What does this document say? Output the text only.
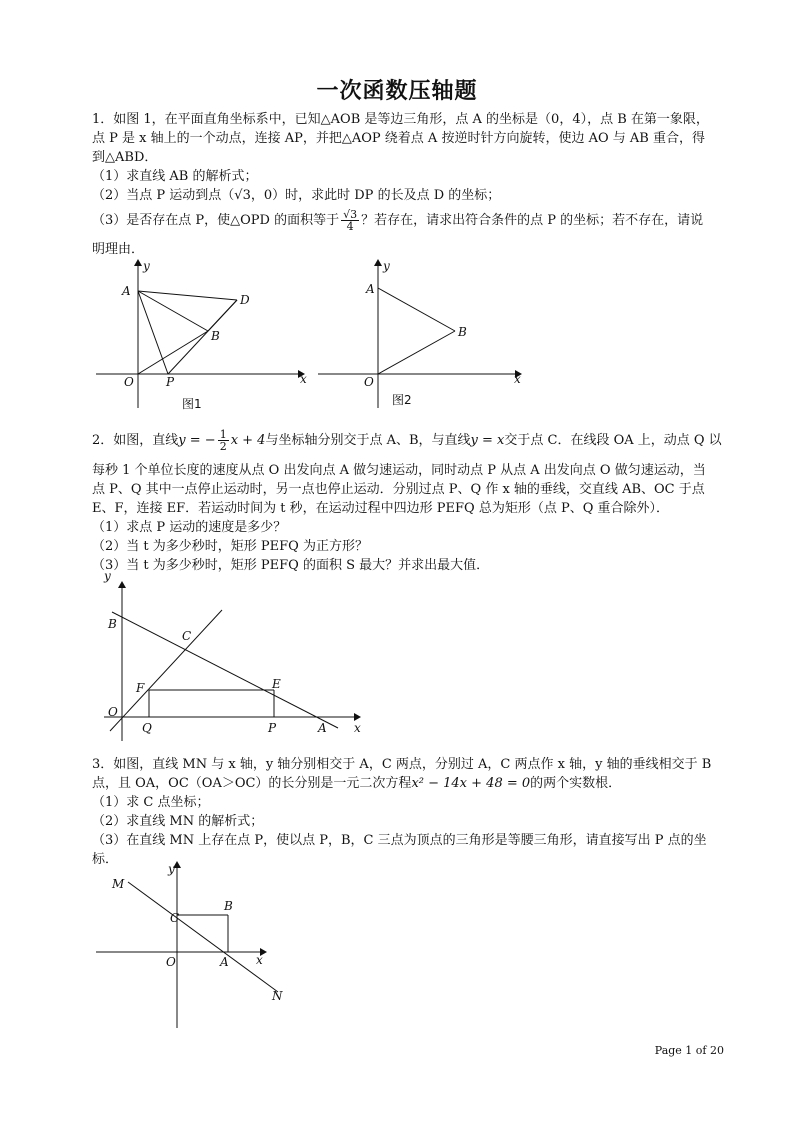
一次函数压轴题
1．如图 1，在平面直角坐标系中，已知△AOB 是等边三角形，点 A 的坐标是（0，4），点 B 在第一象限，
点 P 是 x 轴上的一个动点，连接 AP，并把△AOP 绕着点 A 按逆时针方向旋转，使边 AO 与 AB 重合，得
到△ABD．
（1）求直线 AB 的解析式；
（2）当点 P 运动到点（√3，0）时，求此时 DP 的长及点 D 的坐标；
（3）是否存在点 P，使△OPD 的面积等于 $\frac{√3}{4}$ ？若存在，请求出符合条件的点 P 的坐标；若不存在，请说
明理由．
x
y
A
D
B
O	P
图1
x
y
A
B
O
图2
2．如图，直线y = − $\frac{1}{2}$ x + 4与坐标轴分别交于点 A、B，与直线y = x交于点 C．在线段 OA 上，动点 Q 以
每秒 1 个单位长度的速度从点 O 出发向点 A 做匀速运动，同时动点 P 从点 A 出发向点 O 做匀速运动，当
点 P、Q 其中一点停止运动时，另一点也停止运动．分别过点 P、Q 作 x 轴的垂线，交直线 AB、OC 于点
E、F，连接 EF．若运动时间为 t 秒，在运动过程中四边形 PEFQ 总为矩形（点 P、Q 重合除外）．
（1）求点 P 运动的速度是多少？
（2）当 t 为多少秒时，矩形 PEFQ 为正方形？
（3）当 t 为多少秒时，矩形 PEFQ 的面积 S 最大？并求出最大值．
x
y
B
C
F	E
O
Q	P	A
3．如图，直线 MN 与 x 轴，y 轴分别相交于 A，C 两点，分别过 A，C 两点作 x 轴，y 轴的垂线相交于 B
点，且 OA，OC（OA＞OC）的长分别是一元二次方程x² − 14x + 48 = 0的两个实数根．
（1）求 C 点坐标；
（2）求直线 MN 的解析式；
（3）在直线 MN 上存在点 P，使以点 P，B，C 三点为顶点的三角形是等腰三角形，请直接写出 P 点的坐
标．
x
y
M
C
B
O	A
N
Page 1 of 20
